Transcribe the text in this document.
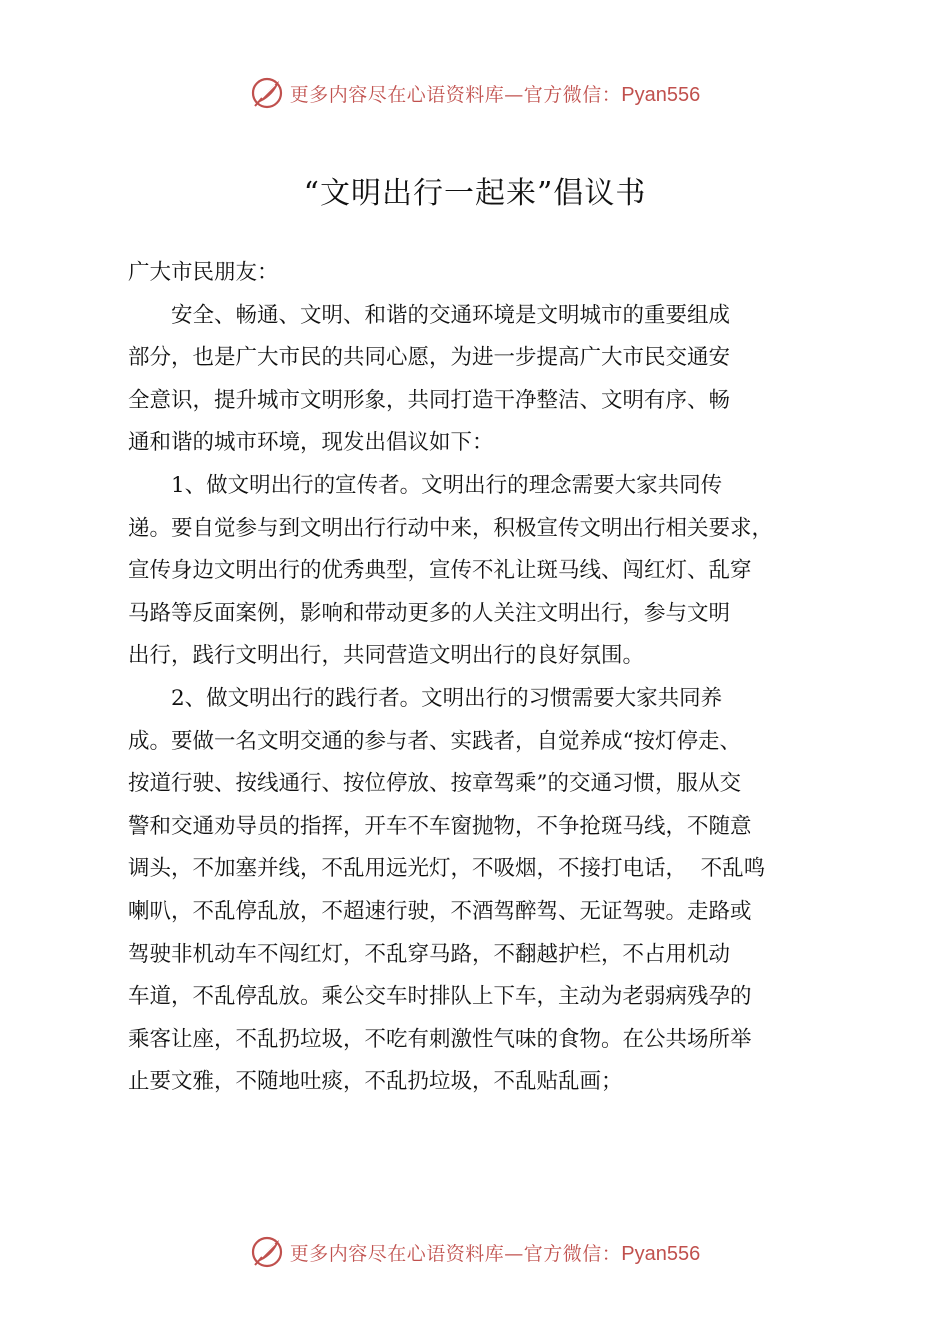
更多内容尽在心语资料库—官方微信：Pyan556
“文明出行一起来”倡议书

广大市民朋友：

安全、畅通、文明、和谐的交通环境是文明城市的重要组成

部分，也是广大市民的共同心愿，为进一步提高广大市民交通安

全意识，提升城市文明形象，共同打造干净整洁、文明有序、畅

通和谐的城市环境，现发出倡议如下：

1、做文明出行的宣传者。文明出行的理念需要大家共同传

递。要自觉参与到文明出行行动中来，积极宣传文明出行相关要求，

宣传身边文明出行的优秀典型，宣传不礼让斑马线、闯红灯、乱穿

马路等反面案例，影响和带动更多的人关注文明出行，参与文明

出行，践行文明出行，共同营造文明出行的良好氛围。

2、做文明出行的践行者。文明出行的习惯需要大家共同养

成。要做一名文明交通的参与者、实践者，自觉养成“按灯停走、

按道行驶、按线通行、按位停放、按章驾乘”的交通习惯，服从交

警和交通劝导员的指挥，开车不车窗抛物，不争抢斑马线，不随意

调头，不加塞并线，不乱用远光灯，不吸烟，不接打电话，  不乱鸣

喇叭，不乱停乱放，不超速行驶，不酒驾醉驾、无证驾驶。走路或

驾驶非机动车不闯红灯，不乱穿马路，不翻越护栏，不占用机动

车道，不乱停乱放。乘公交车时排队上下车，主动为老弱病残孕的

乘客让座，不乱扔垃圾，不吃有刺激性气味的食物。在公共场所举

止要文雅，不随地吐痰，不乱扔垃圾，不乱贴乱画；

更多内容尽在心语资料库—官方微信：Pyan556
